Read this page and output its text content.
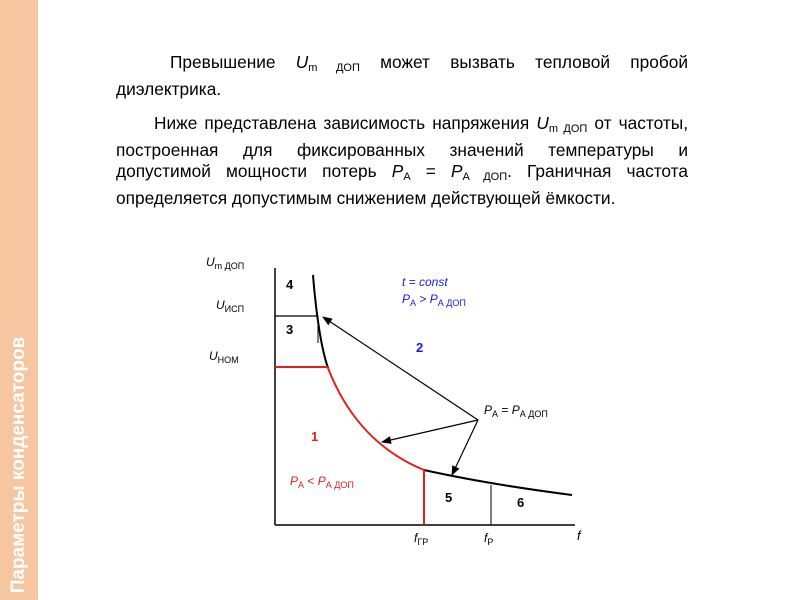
Параметры конденсаторов
Превышение $U_{m ДОП}$ может вызвать тепловой пробой диэлектрика.
Ниже представлена зависимость напряжения $U_{m ДОП}$ от частоты, построенная для фиксированных значений температуры и допустимой мощности потерь $P_А = P_{А ДОП}$. Граничная частота определяется допустимым снижением действующей ёмкости.
$U_{m ДОП}$
$U_{ИСП}$
$U_{НОМ}$
f
$f_{ГР}$	$f_Р$
4
3
2
1
5	6
t = const
$P_А > P_{А ДОП}$
$P_А = P_{А ДОП}$
$P_А < P_{А ДОП}$
